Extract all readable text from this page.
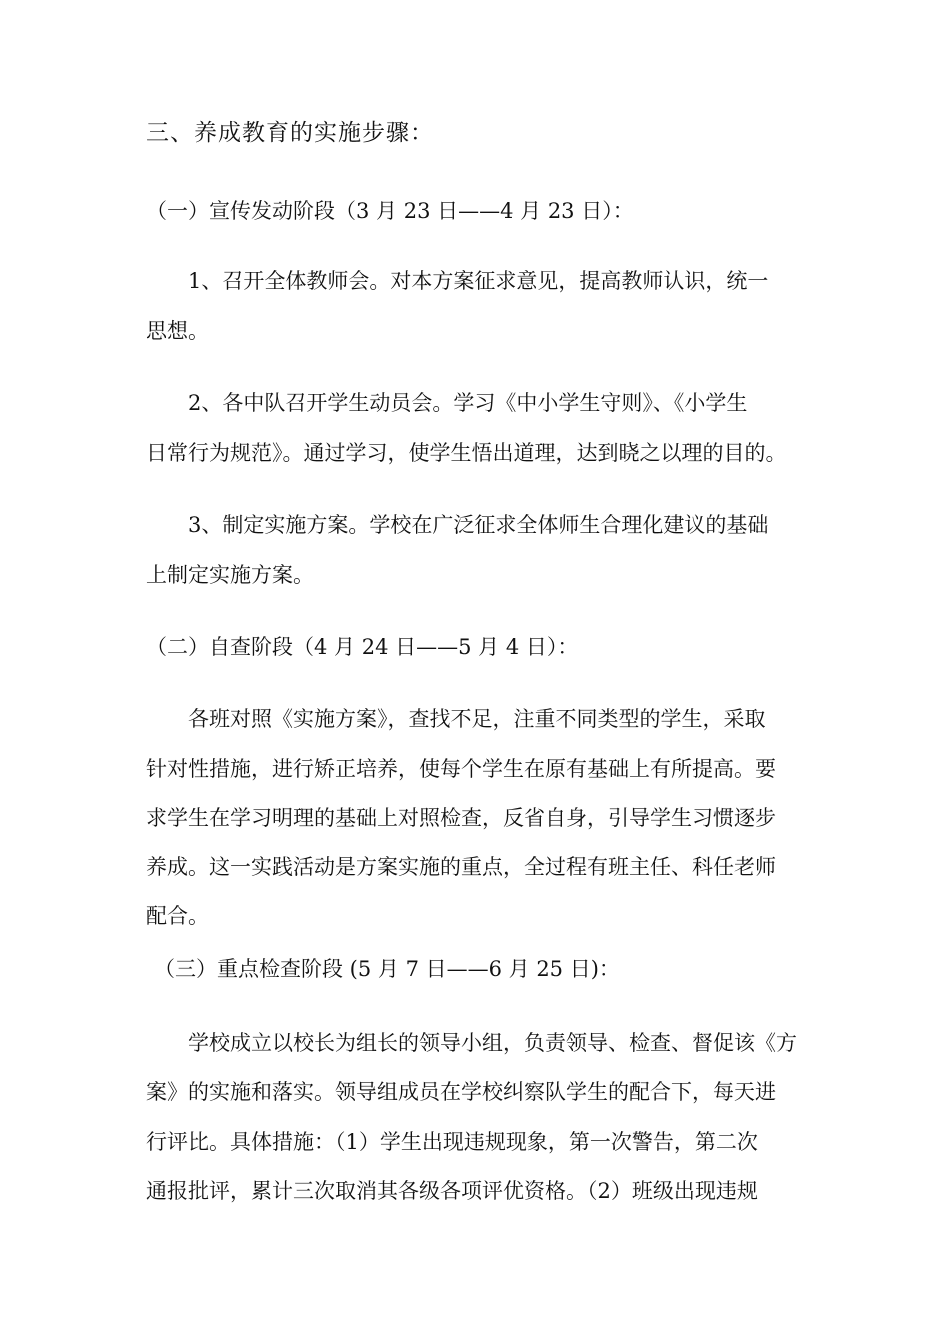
三、养成教育的实施步骤：
（一）宣传发动阶段（3 月 23 日——4 月 23 日）：
1、召开全体教师会。对本方案征求意见，提高教师认识，统一
思想。
2、各中队召开学生动员会。学习《中小学生守则》、《小学生
日常行为规范》。通过学习，使学生悟出道理，达到晓之以理的目的。
3、制定实施方案。学校在广泛征求全体师生合理化建议的基础
上制定实施方案。
（二）自查阶段（4 月 24 日——5 月 4 日）：
各班对照《实施方案》，查找不足，注重不同类型的学生，采取
针对性措施，进行矫正培养，使每个学生在原有基础上有所提高。要
求学生在学习明理的基础上对照检查，反省自身，引导学生习惯逐步
养成。这一实践活动是方案实施的重点，全过程有班主任、科任老师
配合。
（三）重点检查阶段 (5 月 7 日——6 月 25 日)：
学校成立以校长为组长的领导小组，负责领导、检查、督促该《方
案》的实施和落实。领导组成员在学校纠察队学生的配合下，每天进
行评比。具体措施：（1）学生出现违规现象，第一次警告，第二次
通报批评，累计三次取消其各级各项评优资格。（2）班级出现违规
